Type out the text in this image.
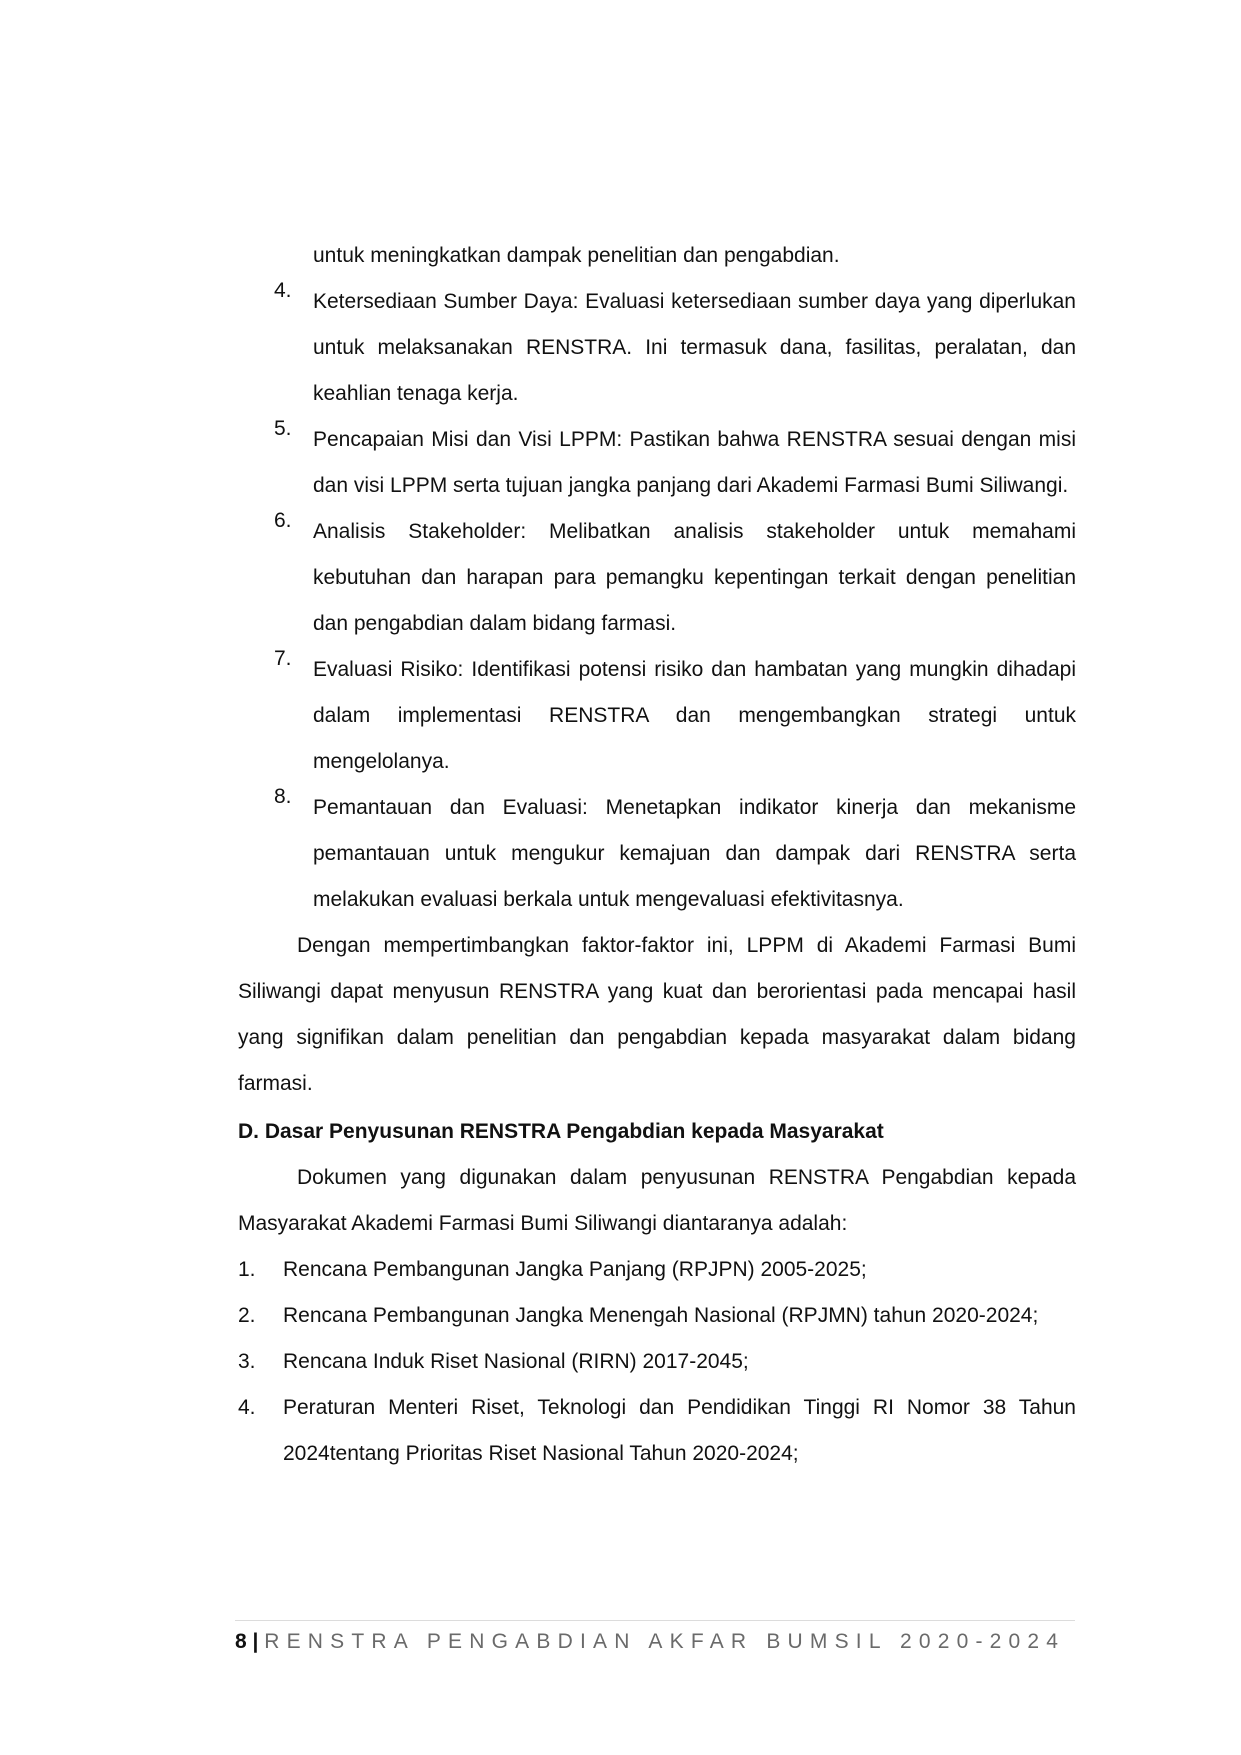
untuk meningkatkan dampak penelitian dan pengabdian.
4. Ketersediaan Sumber Daya: Evaluasi ketersediaan sumber daya yang diperlukan untuk melaksanakan RENSTRA. Ini termasuk dana, fasilitas, peralatan, dan keahlian tenaga kerja.
5. Pencapaian Misi dan Visi LPPM: Pastikan bahwa RENSTRA sesuai dengan misi dan visi LPPM serta tujuan jangka panjang dari Akademi Farmasi Bumi Siliwangi.
6. Analisis Stakeholder: Melibatkan analisis stakeholder untuk memahami kebutuhan dan harapan para pemangku kepentingan terkait dengan penelitian dan pengabdian dalam bidang farmasi.
7. Evaluasi Risiko: Identifikasi potensi risiko dan hambatan yang mungkin dihadapi dalam implementasi RENSTRA dan mengembangkan strategi untuk mengelolanya.
8. Pemantauan dan Evaluasi: Menetapkan indikator kinerja dan mekanisme pemantauan untuk mengukur kemajuan dan dampak dari RENSTRA serta melakukan evaluasi berkala untuk mengevaluasi efektivitasnya.

Dengan mempertimbangkan faktor-faktor ini, LPPM di Akademi Farmasi Bumi Siliwangi dapat menyusun RENSTRA yang kuat dan berorientasi pada mencapai hasil yang signifikan dalam penelitian dan pengabdian kepada masyarakat dalam bidang farmasi.

D. Dasar Penyusunan RENSTRA Pengabdian kepada Masyarakat

Dokumen yang digunakan dalam penyusunan RENSTRA Pengabdian kepada Masyarakat Akademi Farmasi Bumi Siliwangi diantaranya adalah:

1. Rencana Pembangunan Jangka Panjang (RPJPN) 2005-2025;
2. Rencana Pembangunan Jangka Menengah Nasional (RPJMN) tahun 2020-2024;
3. Rencana Induk Riset Nasional (RIRN) 2017-2045;
4. Peraturan Menteri Riset, Teknologi dan Pendidikan Tinggi RI Nomor 38 Tahun 2024tentang Prioritas Riset Nasional Tahun 2020-2024;
8 | RENSTRA PENGABDIAN AKFAR BUMSIL 2020-2024
